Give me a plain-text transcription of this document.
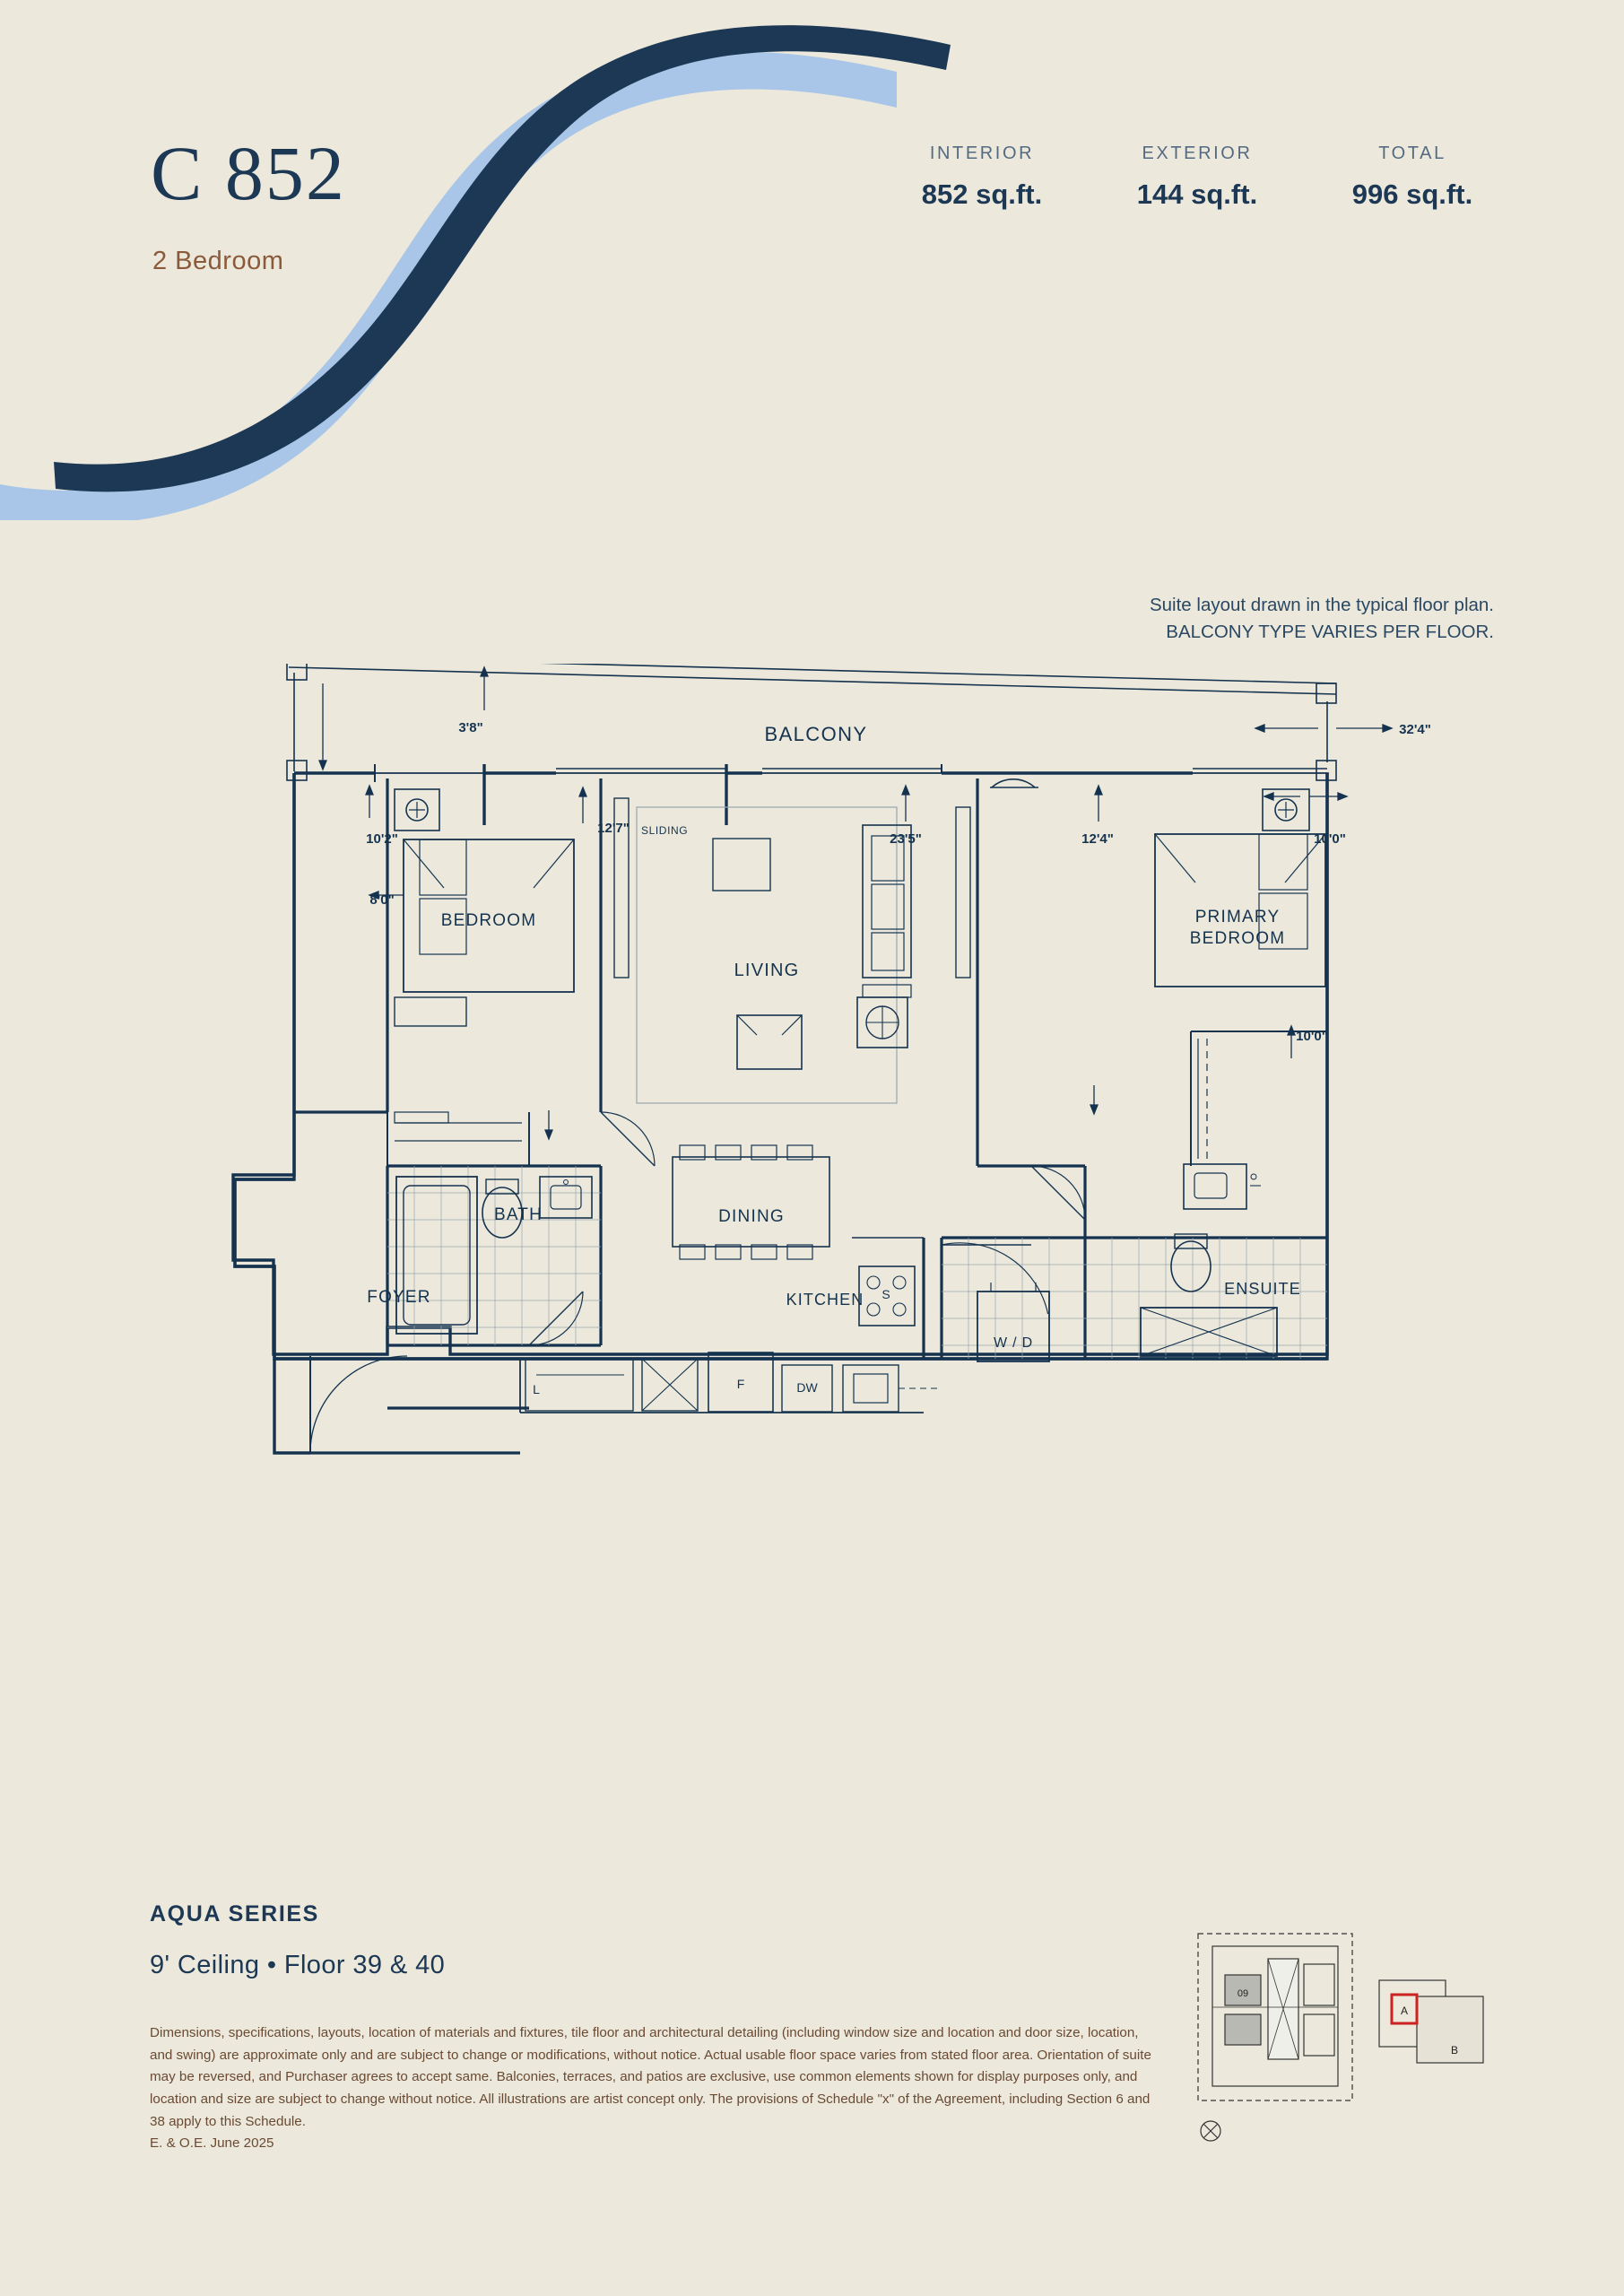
C 852
2 Bedroom
INTERIOR
852 sq.ft.
EXTERIOR
144 sq.ft.
TOTAL
996 sq.ft.
Suite layout drawn in the typical floor plan.
BALCONY TYPE VARIES PER FLOOR.
3'8"	32'4"
10'2"
12'7"
23'5"	12'4"	10'0"
8'0"
10'0"
SLIDING
BALCONY
BEDROOM
LIVING
PRIMARY
BEDROOM
BATH	DINING
ENSUITE
KITCHEN
FOYER
W / D
F	DW
L
S
AQUA SERIES
9' Ceiling • Floor 39 & 40
Dimensions, specifications, layouts, location of materials and fixtures, tile floor and architectural detailing (including window size and location and door size, location, and swing) are approximate only and are subject to change or modifications, without notice. Actual usable floor space varies from stated floor area. Orientation of suite may be reversed, and Purchaser agrees to accept same. Balconies, terraces, and patios are exclusive, use common elements shown for display purposes only, and location and size are subject to change without notice. All illustrations are artist concept only. The provisions of Schedule "x" of the Agreement, including Section 6 and 38 apply to this Schedule.
E. & O.E. June 2025
09
A
B
